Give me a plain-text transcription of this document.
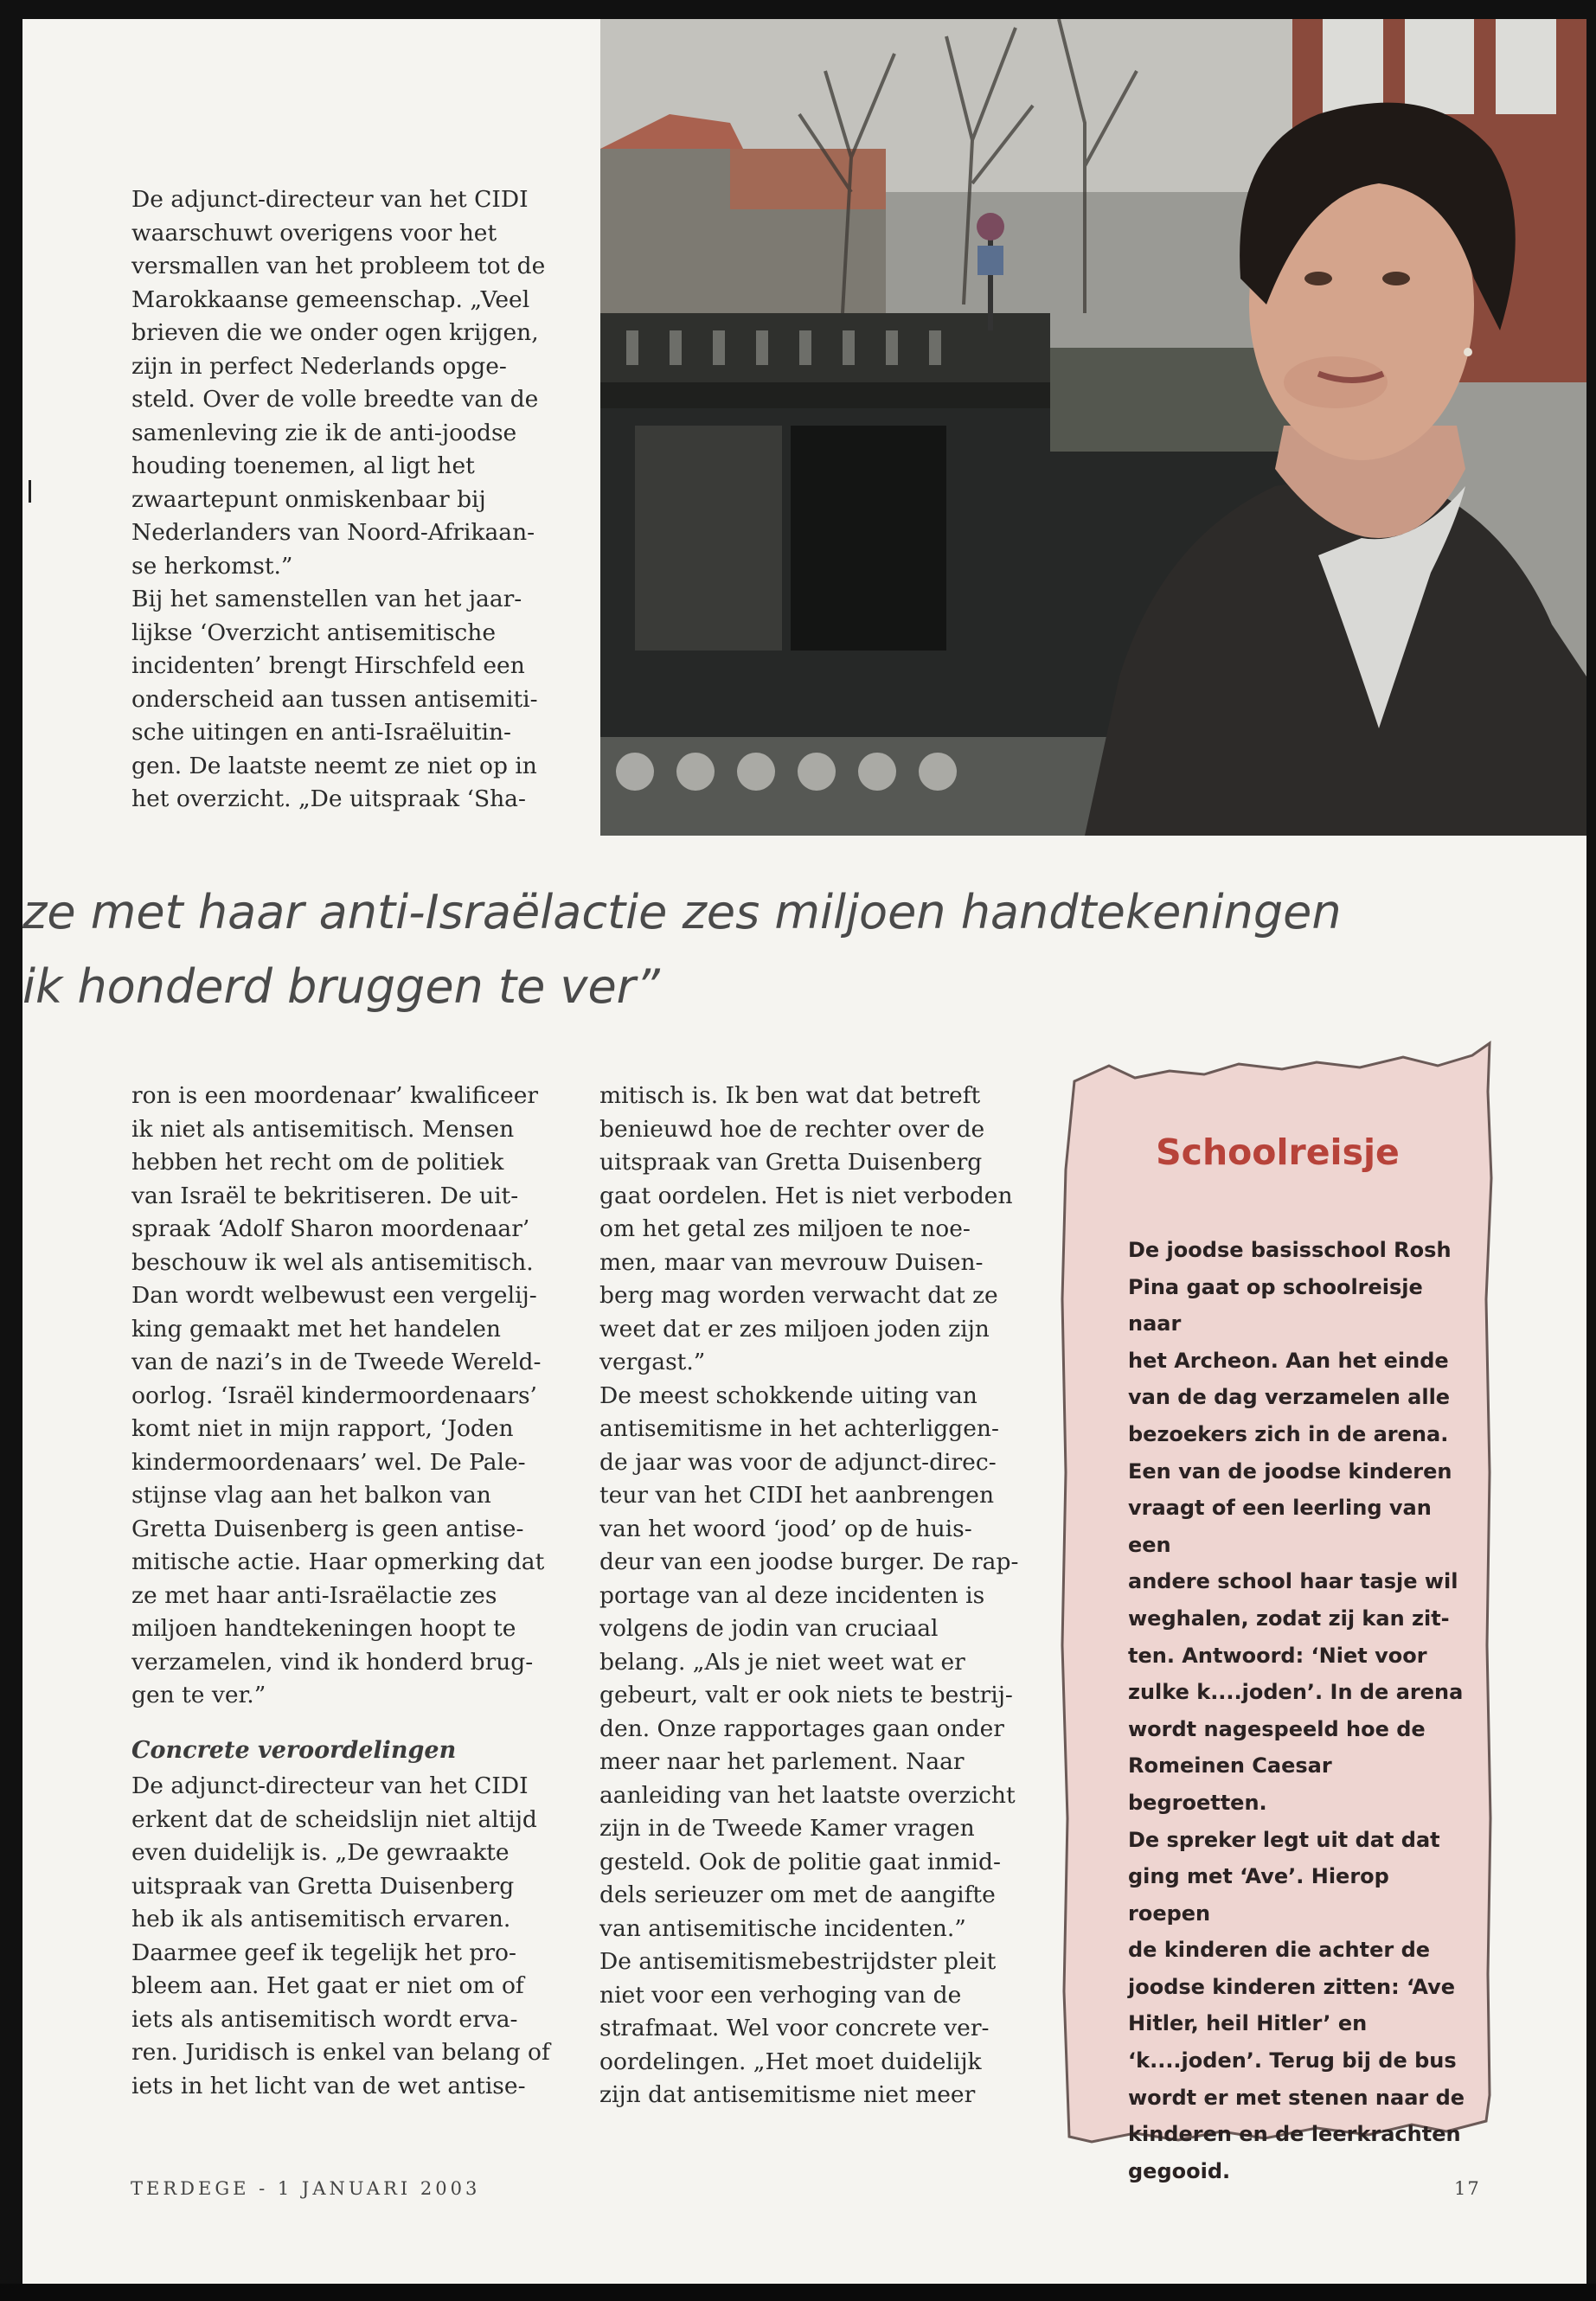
De adjunct-directeur van het CIDI
waarschuwt overigens voor het
versmallen van het probleem tot de
Marokkaanse gemeenschap. „Veel
brieven die we onder ogen krijgen,
zijn in perfect Nederlands opge-
steld. Over de volle breedte van de
samenleving zie ik de anti-joodse
houding toenemen, al ligt het
zwaartepunt onmiskenbaar bij
Nederlanders van Noord-Afrikaan-
se herkomst.”
Bij het samenstellen van het jaar-
lijkse ‘Overzicht antisemitische
incidenten’ brengt Hirschfeld een
onderscheid aan tussen antisemiti-
sche uitingen en anti-Israëluitin-
gen. De laatste neemt ze niet op in
het overzicht. „De uitspraak ‘Sha-
ze met haar anti-Israëlactie zes miljoen handtekeningen
ik honderd bruggen te ver”
ron is een moordenaar’ kwalificeer
ik niet als antisemitisch. Mensen
hebben het recht om de politiek
van Israël te bekritiseren. De uit-
spraak ‘Adolf Sharon moordenaar’
beschouw ik wel als antisemitisch.
Dan wordt welbewust een vergelij-
king gemaakt met het handelen
van de nazi’s in de Tweede Wereld-
oorlog. ‘Israël kindermoordenaars’
komt niet in mijn rapport, ‘Joden
kindermoordenaars’ wel. De Pale-
stijnse vlag aan het balkon van
Gretta Duisenberg is geen antise-
mitische actie. Haar opmerking dat
ze met haar anti-Israëlactie zes
miljoen handtekeningen hoopt te
verzamelen, vind ik honderd brug-
gen te ver.”
Concrete veroordelingen
De adjunct-directeur van het CIDI
erkent dat de scheidslijn niet altijd
even duidelijk is. „De gewraakte
uitspraak van Gretta Duisenberg
heb ik als antisemitisch ervaren.
Daarmee geef ik tegelijk het pro-
bleem aan. Het gaat er niet om of
iets als antisemitisch wordt erva-
ren. Juridisch is enkel van belang of
iets in het licht van de wet antise-
mitisch is. Ik ben wat dat betreft
benieuwd hoe de rechter over de
uitspraak van Gretta Duisenberg
gaat oordelen. Het is niet verboden
om het getal zes miljoen te noe-
men, maar van mevrouw Duisen-
berg mag worden verwacht dat ze
weet dat er zes miljoen joden zijn
vergast.”
De meest schokkende uiting van
antisemitisme in het achterliggen-
de jaar was voor de adjunct-direc-
teur van het CIDI het aanbrengen
van het woord ‘jood’ op de huis-
deur van een joodse burger. De rap-
portage van al deze incidenten is
volgens de jodin van cruciaal
belang. „Als je niet weet wat er
gebeurt, valt er ook niets te bestrij-
den. Onze rapportages gaan onder
meer naar het parlement. Naar
aanleiding van het laatste overzicht
zijn in de Tweede Kamer vragen
gesteld. Ook de politie gaat inmid-
dels serieuzer om met de aangifte
van antisemitische incidenten.”
De antisemitismebestrijdster pleit
niet voor een verhoging van de
strafmaat. Wel voor concrete ver-
oordelingen. „Het moet duidelijk
zijn dat antisemitisme niet meer
Schoolreisje
De joodse basisschool Rosh
Pina gaat op schoolreisje naar
het Archeon. Aan het einde
van de dag verzamelen alle
bezoekers zich in de arena.
Een van de joodse kinderen
vraagt of een leerling van een
andere school haar tasje wil
weghalen, zodat zij kan zit-
ten. Antwoord: ‘Niet voor
zulke k....joden’. In de arena
wordt nagespeeld hoe de
Romeinen Caesar begroetten.
De spreker legt uit dat dat
ging met ‘Ave’. Hierop roepen
de kinderen die achter de
joodse kinderen zitten: ‘Ave
Hitler, heil Hitler’ en
‘k....joden’. Terug bij de bus
wordt er met stenen naar de
kinderen en de leerkrachten
gegooid.
TERDEGE - 1 JANUARI 2003	17
